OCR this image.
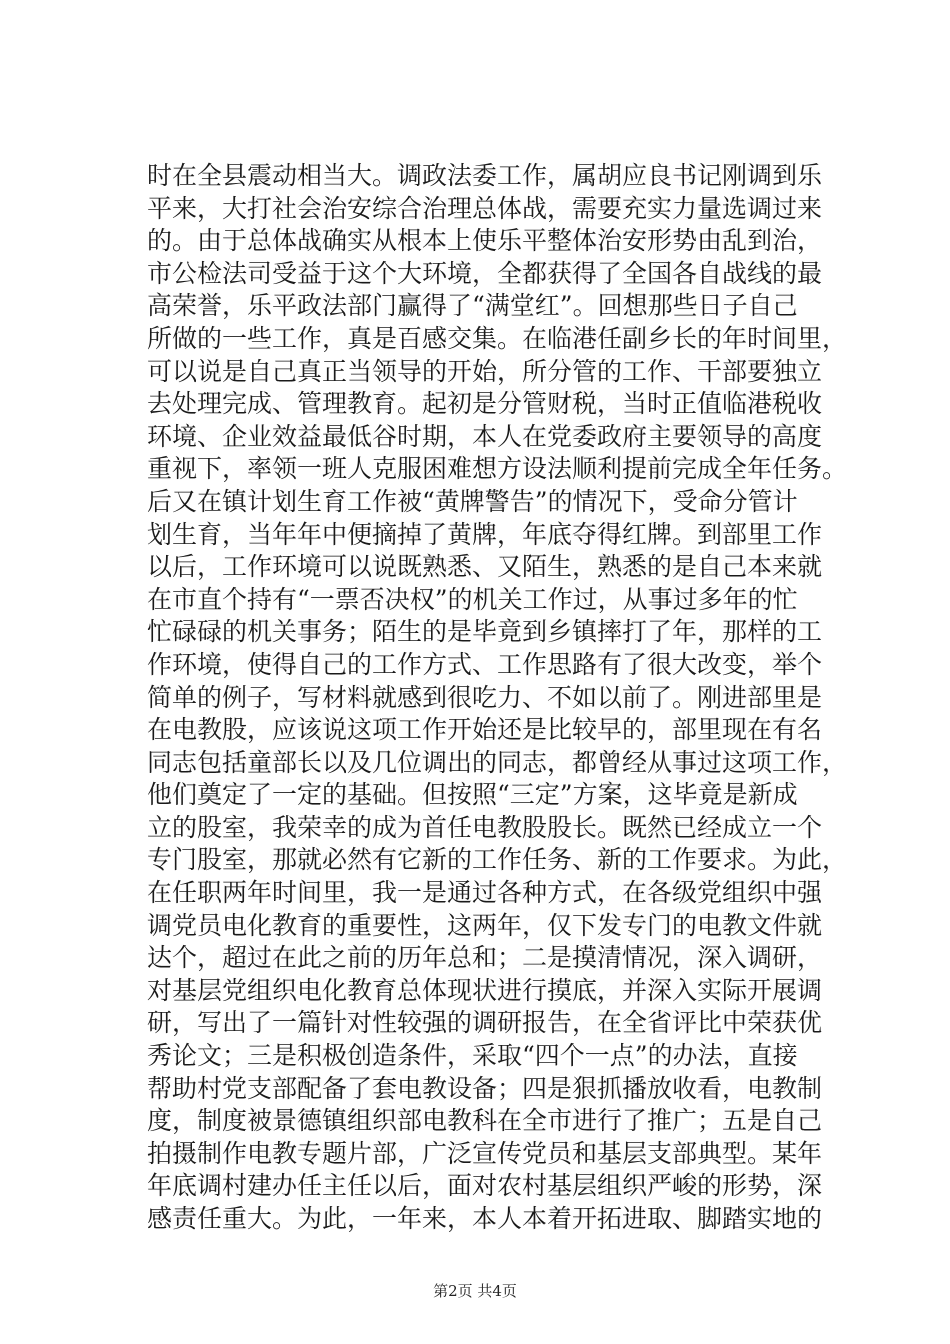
时在全县震动相当大。调政法委工作，属胡应良书记刚调到乐
平来，大打社会治安综合治理总体战，需要充实力量选调过来
的。由于总体战确实从根本上使乐平整体治安形势由乱到治，
市公检法司受益于这个大环境，全都获得了全国各自战线的最
高荣誉，乐平政法部门赢得了“满堂红”。回想那些日子自己
所做的一些工作，真是百感交集。在临港任副乡长的年时间里，
可以说是自己真正当领导的开始，所分管的工作、干部要独立
去处理完成、管理教育。起初是分管财税，当时正值临港税收
环境、企业效益最低谷时期，本人在党委政府主要领导的高度
重视下，率领一班人克服困难想方设法顺利提前完成全年任务。
后又在镇计划生育工作被“黄牌警告”的情况下，受命分管计
划生育，当年年中便摘掉了黄牌，年底夺得红牌。到部里工作
以后，工作环境可以说既熟悉、又陌生，熟悉的是自己本来就
在市直个持有“一票否决权”的机关工作过，从事过多年的忙
忙碌碌的机关事务；陌生的是毕竟到乡镇摔打了年，那样的工
作环境，使得自己的工作方式、工作思路有了很大改变，举个
简单的例子，写材料就感到很吃力、不如以前了。刚进部里是
在电教股，应该说这项工作开始还是比较早的，部里现在有名
同志包括童部长以及几位调出的同志，都曾经从事过这项工作，
他们奠定了一定的基础。但按照“三定”方案，这毕竟是新成
立的股室，我荣幸的成为首任电教股股长。既然已经成立一个
专门股室，那就必然有它新的工作任务、新的工作要求。为此，
在任职两年时间里，我一是通过各种方式，在各级党组织中强
调党员电化教育的重要性，这两年，仅下发专门的电教文件就
达个，超过在此之前的历年总和；二是摸清情况，深入调研，
对基层党组织电化教育总体现状进行摸底，并深入实际开展调
研，写出了一篇针对性较强的调研报告，在全省评比中荣获优
秀论文；三是积极创造条件，采取“四个一点”的办法，直接
帮助村党支部配备了套电教设备；四是狠抓播放收看，电教制
度，制度被景德镇组织部电教科在全市进行了推广；五是自己
拍摄制作电教专题片部，广泛宣传党员和基层支部典型。某年
年底调村建办任主任以后，面对农村基层组织严峻的形势，深
感责任重大。为此，一年来，本人本着开拓进取、脚踏实地的
第2页 共4页
